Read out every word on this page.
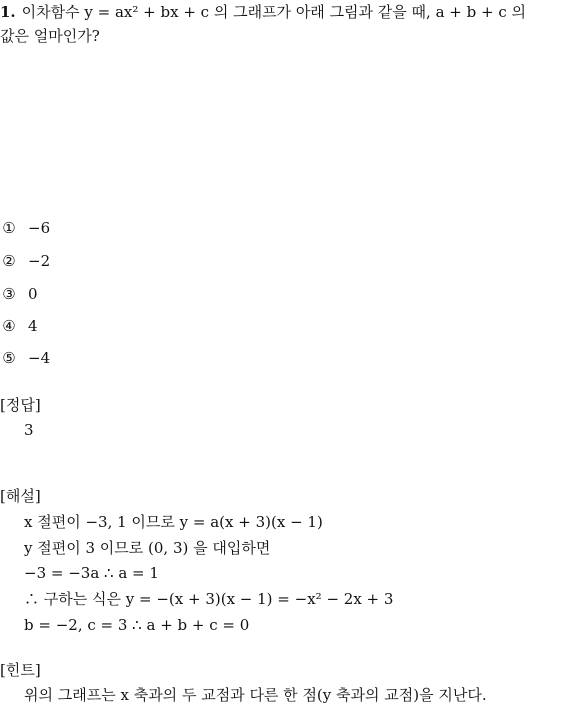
1. 이차함수 y = ax² + bx + c 의 그래프가 아래 그림과 같을 때, a + b + c 의
값은 얼마인가?
① −6
② −2
③ 0
④ 4
⑤ −4
[정답]
3
[해설]
x 절편이 −3, 1 이므로 y = a(x + 3)(x − 1)
y 절편이 3 이므로 (0, 3) 을 대입하면
−3 = −3a ∴ a = 1
∴ 구하는 식은 y = −(x + 3)(x − 1) = −x² − 2x + 3
b = −2, c = 3 ∴ a + b + c = 0
[힌트]
위의 그래프는 x 축과의 두 교점과 다른 한 점(y 축과의 교점)을 지난다.
